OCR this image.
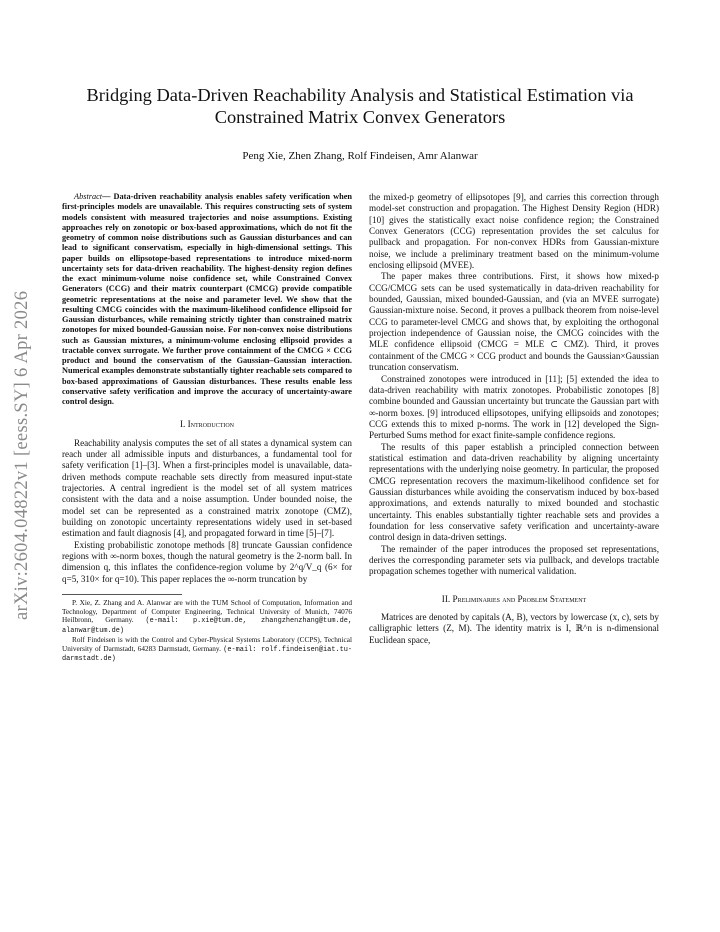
arXiv:2604.04822v1 [eess.SY] 6 Apr 2026
Bridging Data-Driven Reachability Analysis and Statistical Estimation via Constrained Matrix Convex Generators
Peng Xie, Zhen Zhang, Rolf Findeisen, Amr Alanwar

Abstract— Data-driven reachability analysis enables safety verification when first-principles models are unavailable. This requires constructing sets of system models consistent with measured trajectories and noise assumptions. Existing approaches rely on zonotopic or box-based approximations, which do not fit the geometry of common noise distributions such as Gaussian disturbances and can lead to significant conservatism, especially in high-dimensional settings. This paper builds on ellipsotope-based representations to introduce mixed-norm uncertainty sets for data-driven reachability. The highest-density region defines the exact minimum-volume noise confidence set, while Constrained Convex Generators (CCG) and their matrix counterpart (CMCG) provide compatible geometric representations at the noise and parameter level. We show that the resulting CMCG coincides with the maximum-likelihood confidence ellipsoid for Gaussian disturbances, while remaining strictly tighter than constrained matrix zonotopes for mixed bounded-Gaussian noise. For non-convex noise distributions such as Gaussian mixtures, a minimum-volume enclosing ellipsoid provides a tractable convex surrogate. We further prove containment of the CMCG × CCG product and bound the conservatism of the Gaussian–Gaussian interaction. Numerical examples demonstrate substantially tighter reachable sets compared to box-based approximations of Gaussian disturbances. These results enable less conservative safety verification and improve the accuracy of uncertainty-aware control design.

I. Introduction

Reachability analysis computes the set of all states a dynamical system can reach under all admissible inputs and disturbances, a fundamental tool for safety verification [1]–[3]. When a first-principles model is unavailable, data-driven methods compute reachable sets directly from measured input-state trajectories. A central ingredient is the model set of all system matrices consistent with the data and a noise assumption. Under bounded noise, the model set can be represented as a constrained matrix zonotope (CMZ), building on zonotopic uncertainty representations widely used in set-based estimation and fault diagnosis [4], and propagated forward in time [5]–[7].

Existing probabilistic zonotope methods [8] truncate Gaussian confidence regions with ∞-norm boxes, though the natural geometry is the 2-norm ball. In dimension q, this inflates the confidence-region volume by 2^q/V_q (6× for q=5, 310× for q=10). This paper replaces the ∞-norm truncation by

P. Xie, Z. Zhang and A. Alanwar are with the TUM School of Computation, Information and Technology, Department of Computer Engineering, Technical University of Munich, 74076 Heilbronn, Germany. (e-mail: p.xie@tum.de, zhangzhenzhang@tum.de, alanwar@tum.de)

Rolf Findeisen is with the Control and Cyber-Physical Systems Laboratory (CCPS), Technical University of Darmstadt, 64283 Darmstadt, Germany. (e-mail: rolf.findeisen@iat.tu-darmstadt.de)

the mixed-p geometry of ellipsotopes [9], and carries this correction through model-set construction and propagation. The Highest Density Region (HDR) [10] gives the statistically exact noise confidence region; the Constrained Convex Generators (CCG) representation provides the set calculus for pullback and propagation. For non-convex HDRs from Gaussian-mixture noise, we include a preliminary treatment based on the minimum-volume enclosing ellipsoid (MVEE).

The paper makes three contributions. First, it shows how mixed-p CCG/CMCG sets can be used systematically in data-driven reachability for bounded, Gaussian, mixed bounded-Gaussian, and (via an MVEE surrogate) Gaussian-mixture noise. Second, it proves a pullback theorem from noise-level CCG to parameter-level CMCG and shows that, by exploiting the orthogonal projection independence of Gaussian noise, the CMCG coincides with the MLE confidence ellipsoid (CMCG = MLE ⊂ CMZ). Third, it proves containment of the CMCG × CCG product and bounds the Gaussian×Gaussian truncation conservatism.

Constrained zonotopes were introduced in [11]; [5] extended the idea to data-driven reachability with matrix zonotopes. Probabilistic zonotopes [8] combine bounded and Gaussian uncertainty but truncate the Gaussian part with ∞-norm boxes. [9] introduced ellipsotopes, unifying ellipsoids and zonotopes; CCG extends this to mixed p-norms. The work in [12] developed the Sign-Perturbed Sums method for exact finite-sample confidence regions.

The results of this paper establish a principled connection between statistical estimation and data-driven reachability by aligning uncertainty representations with the underlying noise geometry. In particular, the proposed CMCG representation recovers the maximum-likelihood confidence set for Gaussian disturbances while avoiding the conservatism induced by box-based approximations, and extends naturally to mixed bounded and stochastic uncertainty. This enables substantially tighter reachable sets and provides a foundation for less conservative safety verification and uncertainty-aware control design in data-driven settings.

The remainder of the paper introduces the proposed set representations, derives the corresponding parameter sets via pullback, and develops tractable propagation schemes together with numerical validation.

II. Preliminaries and Problem Statement

Matrices are denoted by capitals (A, B), vectors by lowercase (x, c), sets by calligraphic letters (Z, M). The identity matrix is I, ℝ^n is n-dimensional Euclidean space,
